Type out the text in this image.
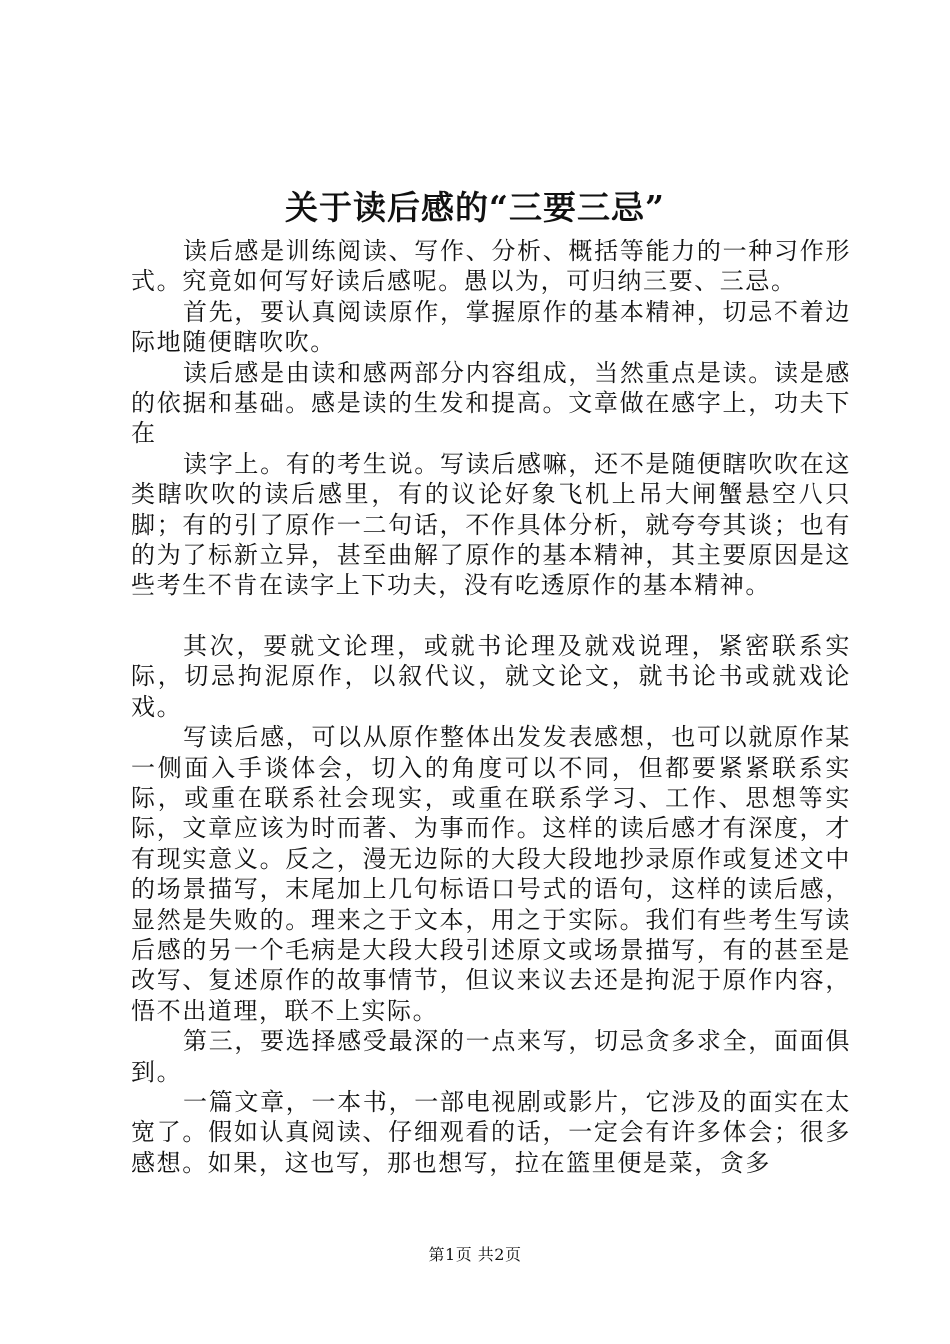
关于读后感的“三要三忌”

读后感是训练阅读、写作、分析、概括等能力的一种习作形式。究竟如何写好读后感呢。愚以为，可归纳三要、三忌。

首先，要认真阅读原作，掌握原作的基本精神，切忌不着边际地随便瞎吹吹。

读后感是由读和感两部分内容组成，当然重点是读。读是感的依据和基础。感是读的生发和提高。文章做在感字上，功夫下在

读字上。有的考生说。写读后感嘛，还不是随便瞎吹吹在这类瞎吹吹的读后感里，有的议论好象飞机上吊大闸蟹悬空八只脚；有的引了原作一二句话，不作具体分析，就夸夸其谈；也有的为了标新立异，甚至曲解了原作的基本精神，其主要原因是这些考生不肯在读字上下功夫，没有吃透原作的基本精神。

其次，要就文论理，或就书论理及就戏说理，紧密联系实际，切忌拘泥原作，以叙代议，就文论文，就书论书或就戏论戏。

写读后感，可以从原作整体出发发表感想，也可以就原作某一侧面入手谈体会，切入的角度可以不同，但都要紧紧联系实际，或重在联系社会现实，或重在联系学习、工作、思想等实际，文章应该为时而著、为事而作。这样的读后感才有深度，才有现实意义。反之，漫无边际的大段大段地抄录原作或复述文中的场景描写，末尾加上几句标语口号式的语句，这样的读后感，显然是失败的。理来之于文本，用之于实际。我们有些考生写读后感的另一个毛病是大段大段引述原文或场景描写，有的甚至是改写、复述原作的故事情节，但议来议去还是拘泥于原作内容，悟不出道理，联不上实际。

第三，要选择感受最深的一点来写，切忌贪多求全，面面俱到。

一篇文章，一本书，一部电视剧或影片，它涉及的面实在太宽了。假如认真阅读、仔细观看的话，一定会有许多体会；很多感想。如果，这也写，那也想写，拉在篮里便是菜，贪多

第1页 共2页
